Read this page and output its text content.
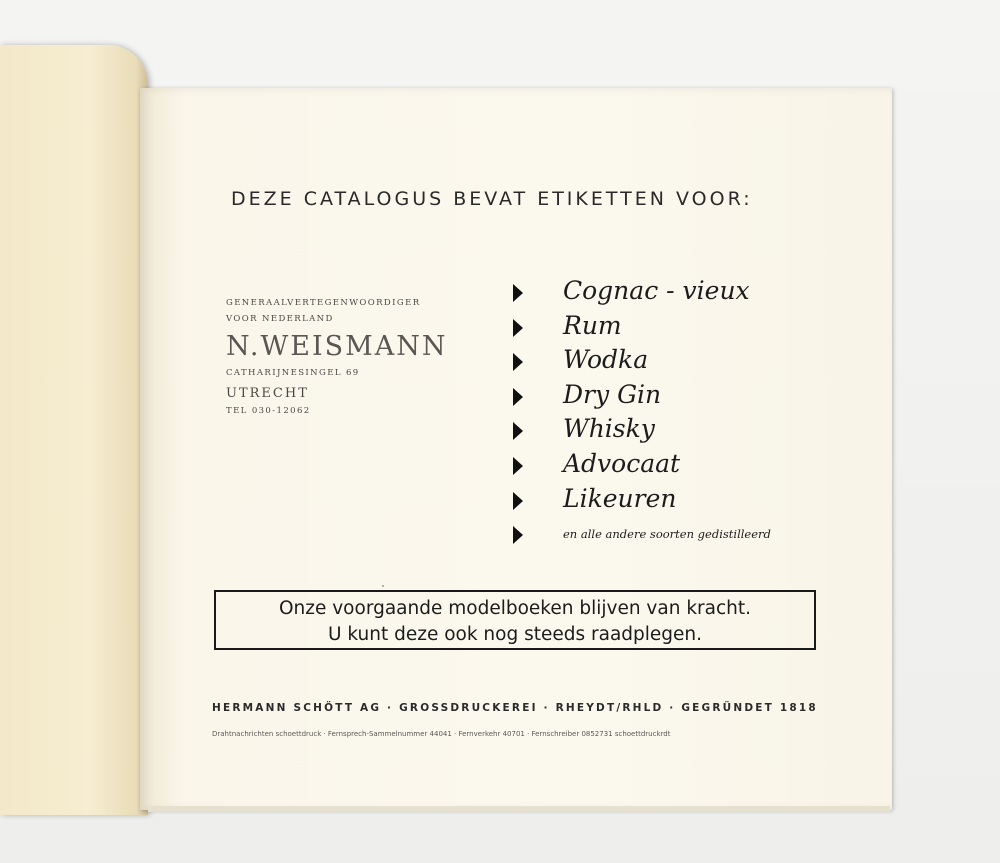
DEZE CATALOGUS BEVAT ETIKETTEN VOOR:
GENERAALVERTEGENWOORDIGER
VOOR NEDERLAND
N.WEISMANN
CATHARIJNESINGEL 69
UTRECHT
TEL 030-12062
Cognac - vieux
Rum
Wodka
Dry Gin
Whisky
Advocaat
Likeuren
en alle andere soorten gedistilleerd
Onze voorgaande modelboeken blijven van kracht.
U kunt deze ook nog steeds raadplegen.
HERMANN SCHÖTT AG · GROSSDRUCKEREI · RHEYDT/RHLD · GEGRÜNDET 1818
Drahtnachrichten schoettdruck · Fernsprech-Sammelnummer 44041 · Fernverkehr 40701 · Fernschreiber 0852731 schoettdruckrdt
